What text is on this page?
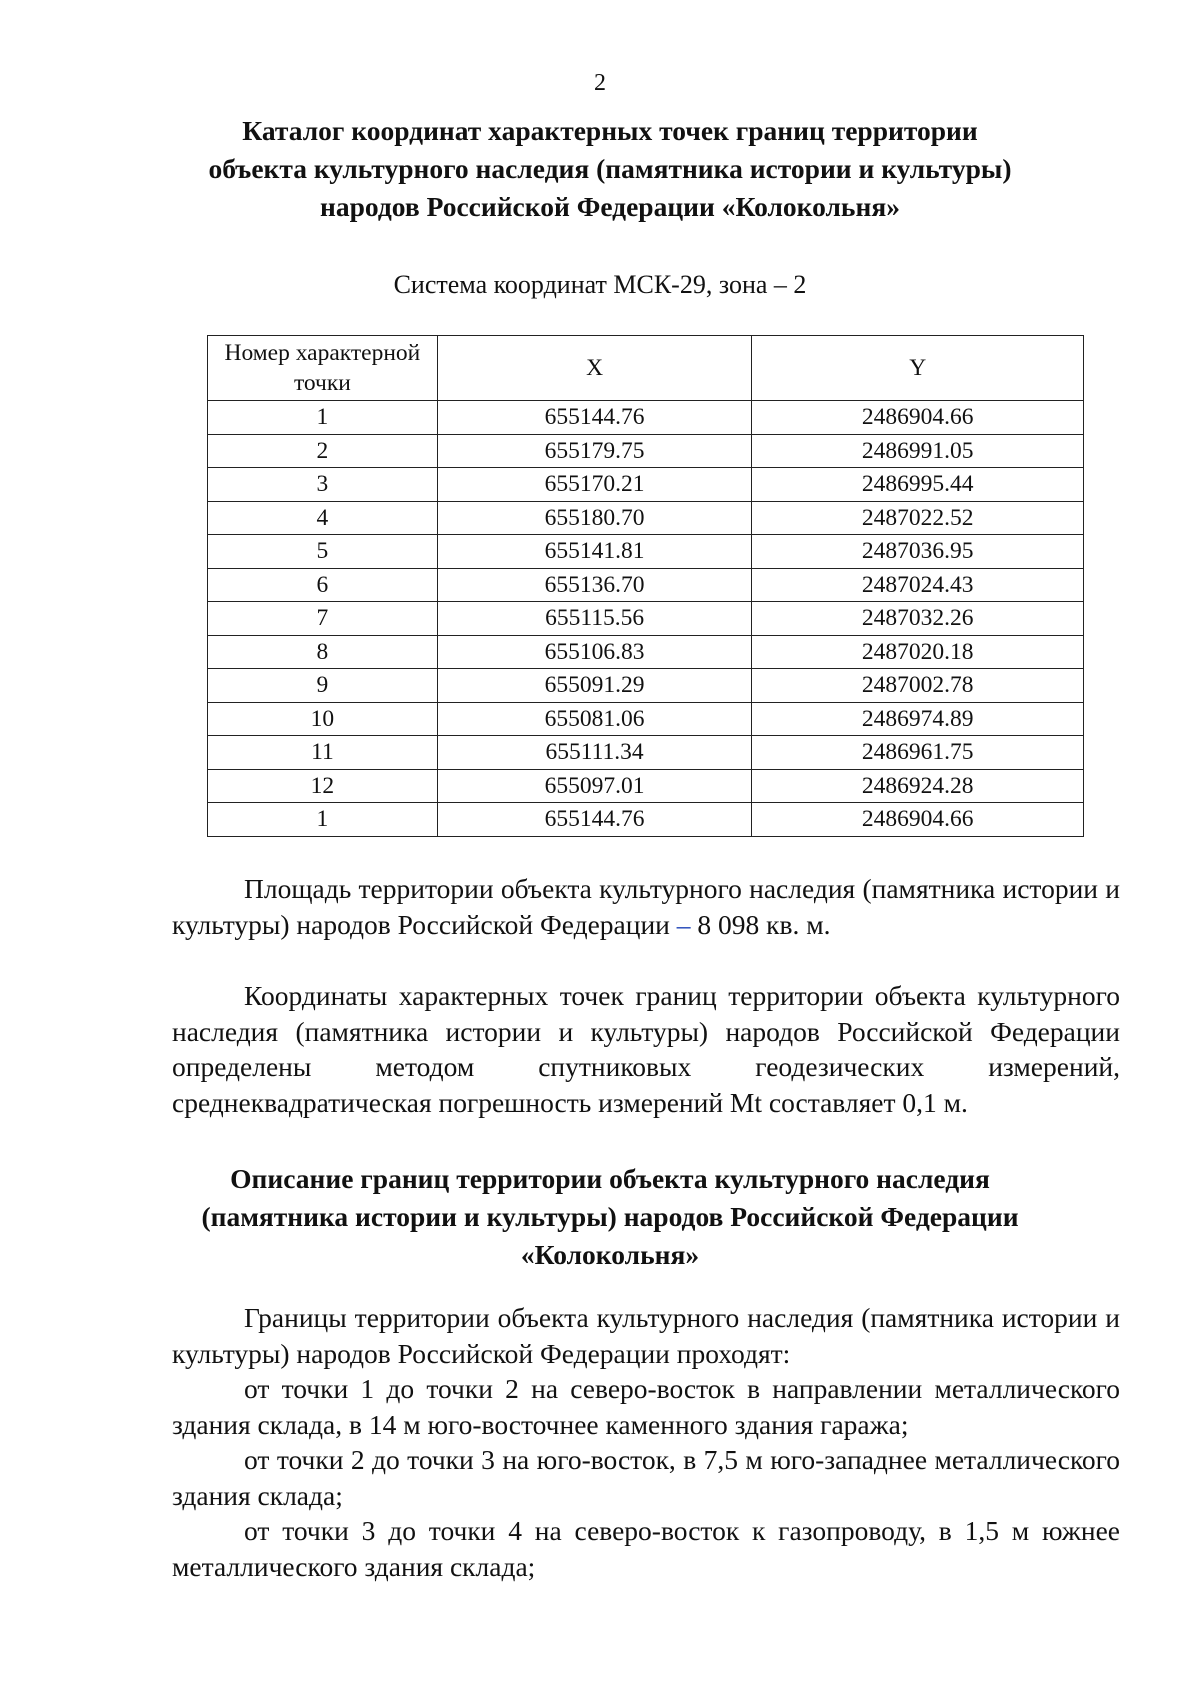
2
Каталог координат характерных точек границ территории
объекта культурного наследия (памятника истории и культуры)
народов Российской Федерации «Колокольня»
Система координат МСК-29, зона – 2
Номер характерной точки	X	Y
1	655144.76	2486904.66
2	655179.75	2486991.05
3	655170.21	2486995.44
4	655180.70	2487022.52
5	655141.81	2487036.95
6	655136.70	2487024.43
7	655115.56	2487032.26
8	655106.83	2487020.18
9	655091.29	2487002.78
10	655081.06	2486974.89
11	655111.34	2486961.75
12	655097.01	2486924.28
1	655144.76	2486904.66
Площадь территории объекта культурного наследия (памятника истории и культуры) народов Российской Федерации – 8 098 кв. м.
Координаты характерных точек границ территории объекта культурного наследия (памятника истории и культуры) народов Российской Федерации определены методом спутниковых геодезических измерений, среднеквадратическая погрешность измерений Mt составляет 0,1 м.
Описание границ территории объекта культурного наследия
(памятника истории и культуры) народов Российской Федерации
«Колокольня»
Границы территории объекта культурного наследия (памятника истории и культуры) народов Российской Федерации проходят:
от точки 1 до точки 2 на северо-восток в направлении металлического здания склада, в 14 м юго-восточнее каменного здания гаража;
от точки 2 до точки 3 на юго-восток, в 7,5 м юго-западнее металлического здания склада;
от точки 3 до точки 4 на северо-восток к газопроводу, в 1,5 м южнее металлического здания склада;
